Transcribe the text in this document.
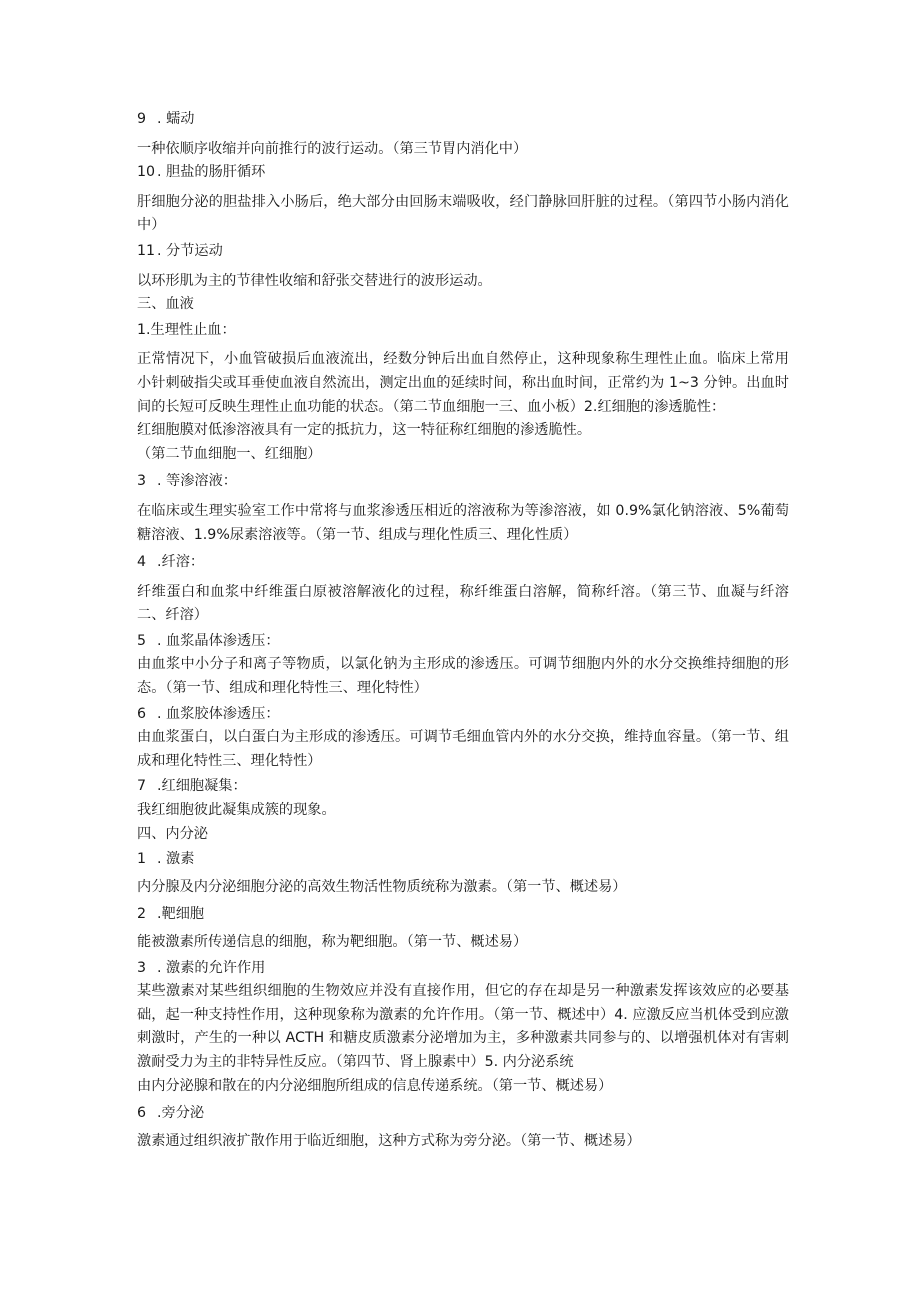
9 . 蠕动

一种依顺序收缩并向前推行的波行运动。（第三节胃内消化中）

10 . 胆盐的肠肝循环

肝细胞分泌的胆盐排入小肠后，绝大部分由回肠末端吸收，经门静脉回肝脏的过程。（第四节小肠内消化中）

11 . 分节运动

以环形肌为主的节律性收缩和舒张交替进行的波形运动。

三、血液

1.生理性止血：

正常情况下，小血管破损后血液流出，经数分钟后出血自然停止，这种现象称生理性止血。临床上常用小针刺破指尖或耳垂使血液自然流出，测定出血的延续时间，称出血时间，正常约为 1~3 分钟。出血时间的长短可反映生理性止血功能的状态。（第二节血细胞一三、血小板）2.红细胞的渗透脆性：

红细胞膜对低渗溶液具有一定的抵抗力，这一特征称红细胞的渗透脆性。

（第二节血细胞一、红细胞）

3 . 等渗溶液：

在临床或生理实验室工作中常将与血浆渗透压相近的溶液称为等渗溶液，如 0.9%氯化钠溶液、5%葡萄糖溶液、1.9%尿素溶液等。（第一节、组成与理化性质三、理化性质）

4 .纤溶：

纤维蛋白和血浆中纤维蛋白原被溶解液化的过程，称纤维蛋白溶解，简称纤溶。（第三节、血凝与纤溶二、纤溶）

5 . 血浆晶体渗透压：

由血浆中小分子和离子等物质，以氯化钠为主形成的渗透压。可调节细胞内外的水分交换维持细胞的形态。（第一节、组成和理化特性三、理化特性）

6 . 血浆胶体渗透压：

由血浆蛋白，以白蛋白为主形成的渗透压。可调节毛细血管内外的水分交换，维持血容量。（第一节、组成和理化特性三、理化特性）

7 .红细胞凝集：

我红细胞彼此凝集成簇的现象。

四、内分泌

1 . 激素

内分腺及内分泌细胞分泌的高效生物活性物质统称为激素。（第一节、概述易）

2 .靶细胞

能被激素所传递信息的细胞，称为靶细胞。（第一节、概述易）

3 . 激素的允许作用

某些激素对某些组织细胞的生物效应并没有直接作用，但它的存在却是另一种激素发挥该效应的必要基础，起一种支持性作用，这种现象称为激素的允许作用。（第一节、概述中）4. 应激反应当机体受到应激刺激时，产生的一种以 ACTH 和糖皮质激素分泌增加为主，多种激素共同参与的、以增强机体对有害刺激耐受力为主的非特异性反应。（第四节、肾上腺素中）5. 内分泌系统

由内分泌腺和散在的内分泌细胞所组成的信息传递系统。（第一节、概述易）

6 .旁分泌

激素通过组织液扩散作用于临近细胞，这种方式称为旁分泌。（第一节、概述易）
